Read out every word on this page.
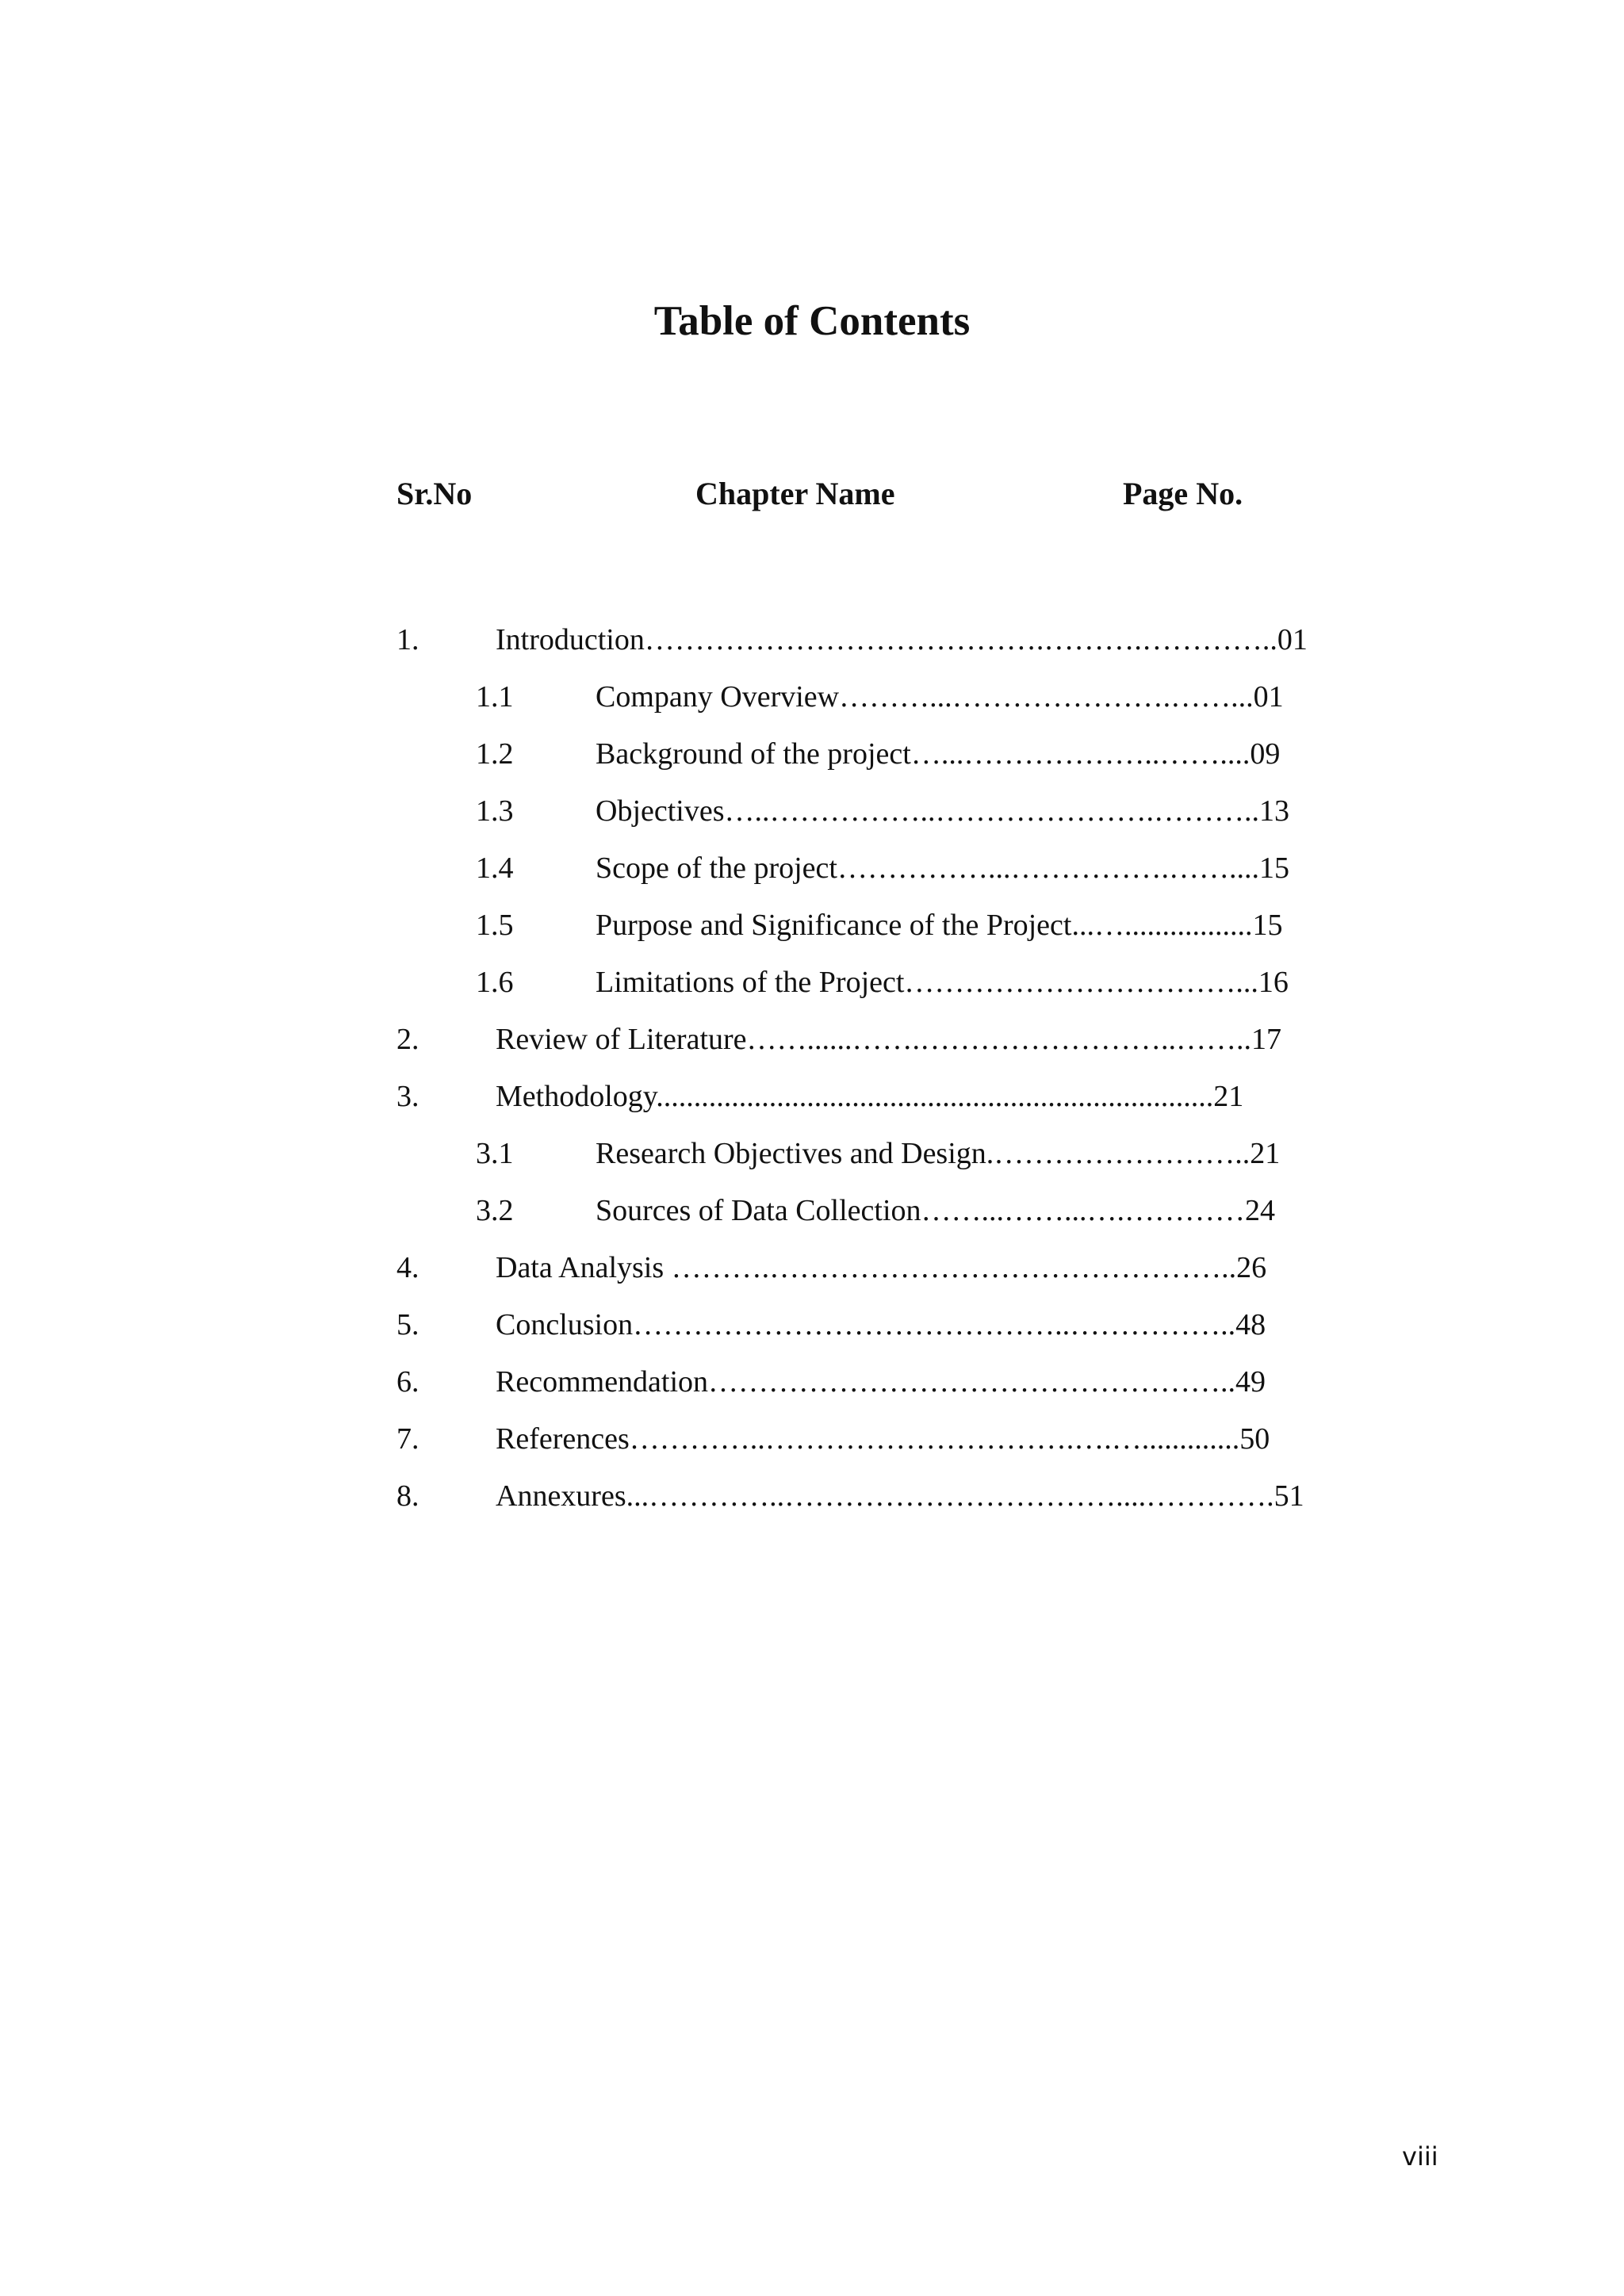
Table of Contents
Sr.No	Chapter Name	Page No.
1.	Introduction………………………………….……….…………..01
1.1	Company Overview………...………………….……...01
1.2	Background of the project…...………………..……....09
1.3	Objectives…..……………..………………….………..13
1.4	Scope of the project……………...…………….……....15
1.5	Purpose and Significance of the Project...….................15
1.6	Limitations of the Project……………………………...16
2.	Review of Literature……......…….……………………..……..17
3.	Methodology..........................................................................21
3.1	Research Objectives and Design.……………………..21
3.2	Sources of Data Collection……...……...….…………24
4.	Data Analysis ……….………………………………………..26
5.	Conclusion……………………………………..……………..48
6.	Recommendation……………………………………………..49
7.	References…………..………………………….….….............50
8.	Annexures...…………..……………………………....………….51
viii
